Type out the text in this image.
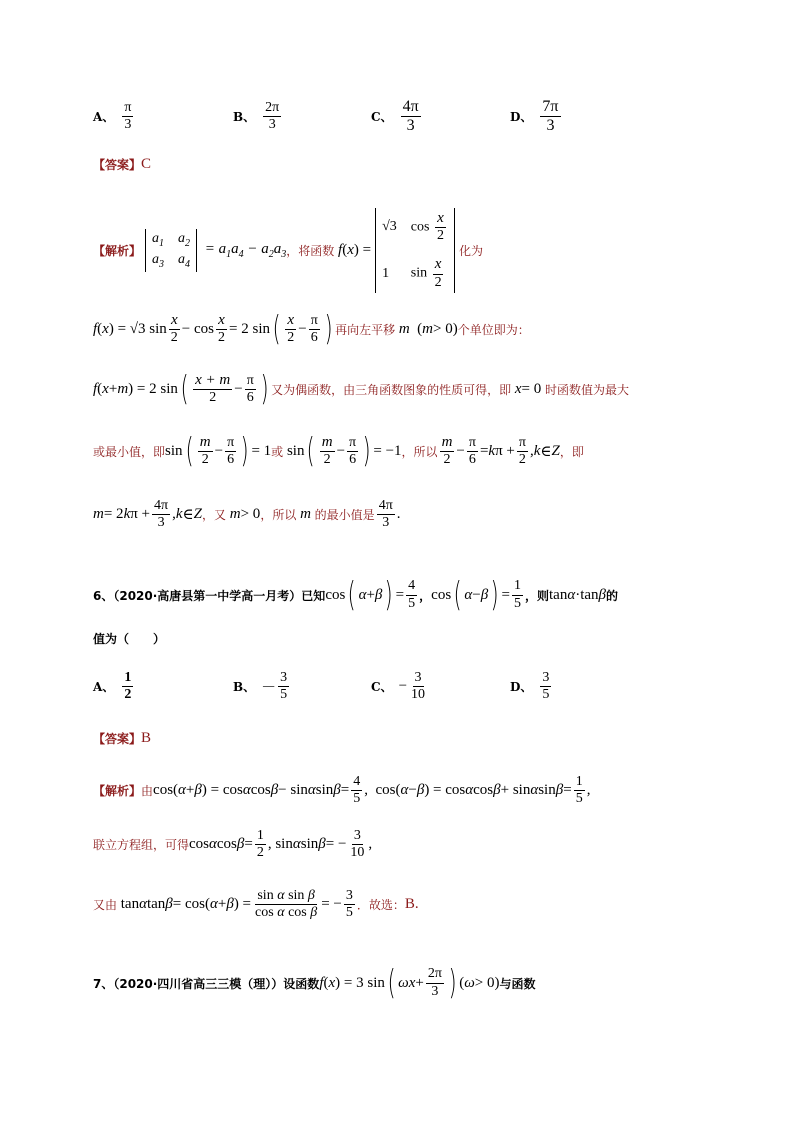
A、 $\frac{\pi}{3}$	B、 $\frac{2\pi}{3}$	C、 $\frac{4\pi}{3}$	D、 $\frac{7\pi}{3}$
【答案】 C
【解析】
$a_1$ $a_2$
$a_3$ $a_4$
= $a_1a_4 - a_2a_3$ ，将函数 f ( x ) =
√3 $\cos \frac{x}{2}$
1	$\sin \frac{x}{2}$
化为
f ( x ) = √3 $\sin \frac{x}{2} - \cos \frac{x}{2} = 2$ sin ( $\frac{x}{2} - \frac{\pi}{6}$ ) 再向左平移 m ( m > 0) 个单位即为：
f ( x + m ) = 2 sin ( $\frac{x + m}{2} - \frac{\pi}{6}$ ) 又为偶函数，由三角函数图象的性质可得，即 x = 0 时函数值为最大
或最小值，即 sin ( $\frac{m}{2} - \frac{\pi}{6}$ ) = 1 或 sin ( $\frac{m}{2} - \frac{\pi}{6}$ ) = −1 ，所以 $\frac{m}{2} - \frac{\pi}{6} = k$ $\pi + \frac{\pi}{2}$ , k ∈ Z ，即
m = 2 k $\pi + \frac{4\pi}{3}$ , k ∈ Z ，又 m > 0 ，所以 m 的最小值是 $\frac{4\pi}{3}$ .
6、（2020·高唐县第一中学高一月考）已知 cos ( α + β ) = $\frac{4}{5}$ ， cos ( α − β ) = $\frac{1}{5}$ ，则 tan α ·tan β 的
值为（　　）
A、 $\frac{1}{2}$	B、 － $\frac{3}{5}$	C、 − $\frac{3}{10}$	D、 $\frac{3}{5}$
【答案】 B
【解析】 由 cos( α + β ) = cos α cos β − sin α $\sin \beta = \frac{4}{5}$ ,  cos( α − β ) = cos α cos β + sin α $\sin \beta = \frac{1}{5}$ ,
联立方程组，可得 cos α $\cos \beta = \frac{1}{2}$ , sin α sin β = − $\frac{3}{10}$ ,
又由 tan α tan β = cos( α + β ) = $\frac{\text{sin α sin β}}{\text{cos α cos β}}$ = − $\frac{3}{5}$ ．故选： B.
7、（2020·四川省高三三模（理））设函数 f ( x ) = 3 sin ( $\omega x + \frac{2\pi}{3}$ ) ( ω > 0) 与函数
